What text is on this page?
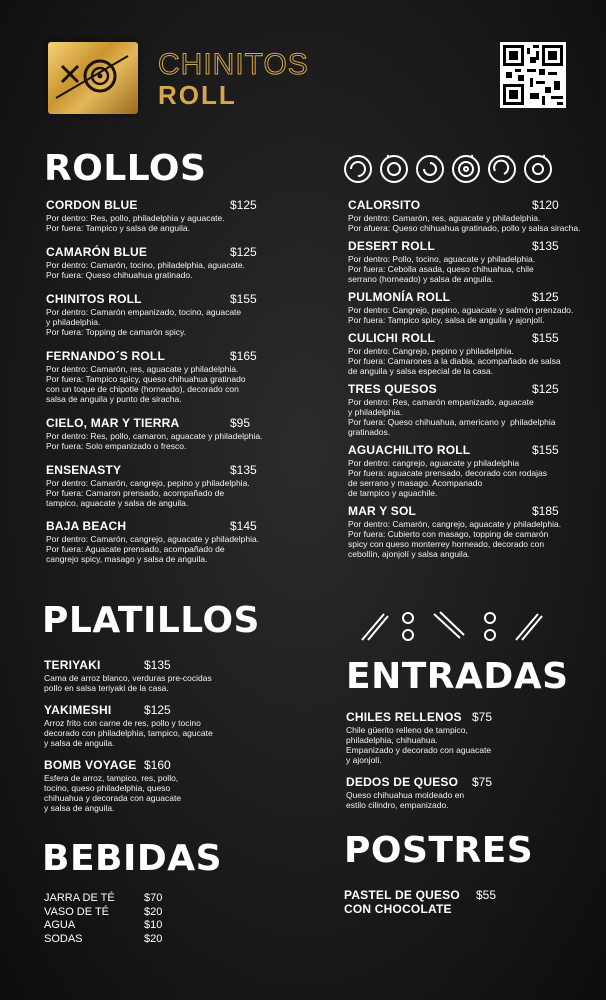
CHINITOS
ROLL
ROLLOS
PLATILLOS
BEBIDAS
ENTRADAS
POSTRES
CORDON BLUE	$125
Por dentro: Res, pollo, philadelphia y aguacate.
Por fuera: Tampico y salsa de anguila.
CAMARÓN BLUE	$125
Por dentro: Camarón, tocino, philadelphia, aguacate.
Por fuera: Queso chihuahua gratinado.
CHINITOS ROLL	$155
Por dentro: Camarón empanizado, tocino, aguacate
y philadelphia.
Por fuera: Topping de camarón spicy.
FERNANDO´S ROLL	$165
Por dentro: Camarón, res, aguacate y philadelphia.
Por fuera: Tampico spicy, queso chihuahua gratinado
con un toque de chipotle (horneado), decorado con
salsa de anguila y punto de siracha.
CIELO, MAR Y TIERRA	$95
Por dentro: Res, pollo, camaron, aguacate y philadelphia.
Por fuera: Solo empanizado o fresco.
ENSENASTY	$135
Por dentro: Camarón, cangrejo, pepino y philadelphia.
Por fuera: Camaron prensado, acompañado de
tampico, aguacate y salsa de anguila.
BAJA BEACH	$145
Por dentro: Camarón, cangrejo, aguacate y philadelphia.
Por fuera: Aguacate prensado, acompañado de
cangrejo spicy, masago y salsa de anguila.
CALORSITO	$120
Por dentro: Camarón, res, aguacate y philadelphia.
Por afuera: Queso chihuahua gratinado, pollo y salsa siracha.
DESERT ROLL	$135
Por dentro: Pollo, tocino, aguacate y philadelphia.
Por fuera: Cebolla asada, queso chihuahua, chile
serrano (horneado) y salsa de anguila.
PULMONÍA ROLL	$125
Por dentro: Cangrejo, pepino, aguacate y salmón prenzado.
Por fuera: Tampico spicy, salsa de anguila y ajonjolí.
CULICHI ROLL	$155
Por dentro: Cangrejo, pepino y philadelphia.
Por fuera: Camarones a la diabla, acompañado de salsa
de anguila y salsa especial de la casa.
TRES QUESOS	$125
Por dentro: Res, camarón empanizado, aguacate
y philadelphia.
Por fuera: Queso chihuahua, americano y  philadelphia
gratinados.
AGUACHILITO ROLL	$155
Por dentro: cangrejo, aguacate y philadelphia
Por fuera: aguacate prensado, decorado con rodajas
de serrano y masago. Acompanado
de tampico y aguachile.
MAR Y SOL	$185
Por dentro: Camarón, cangrejo, aguacate y philadelphia.
Por fuera: Cubierto con masago, topping de camarón
spicy con queso monterrey horneado, decorado con
cebollín, ajonjolí y salsa anguila.
TERIYAKI	$135
Cama de arroz blanco, verduras pre-cocidas
pollo en salsa teriyaki de la casa.
YAKIMESHI	$125
Arroz frito con carne de res, pollo y tocino
decorado con philadelphia, tampico, agucate
y salsa de anguila.
BOMB VOYAGE $160
Esfera de arroz, tampico, res, pollo,
tocino, queso philadelphia, queso
chihuahua y decorada con aguacate
y salsa de anguila.
JARRA DE TÉ	$70
VASO DE TÉ	$20
AGUA	$10
SODAS	$20
CHILES RELLENOS $75
Chile güerito relleno de tampico,
philadelphia, chihuahua.
Empanizado y decorado con aguacate
y ajonjolí.
DEDOS DE QUESO	$75
Queso chihuahua moldeado en
estilo cilindro, empanizado.
PASTEL DE QUESO
CON CHOCOLATE
$55
